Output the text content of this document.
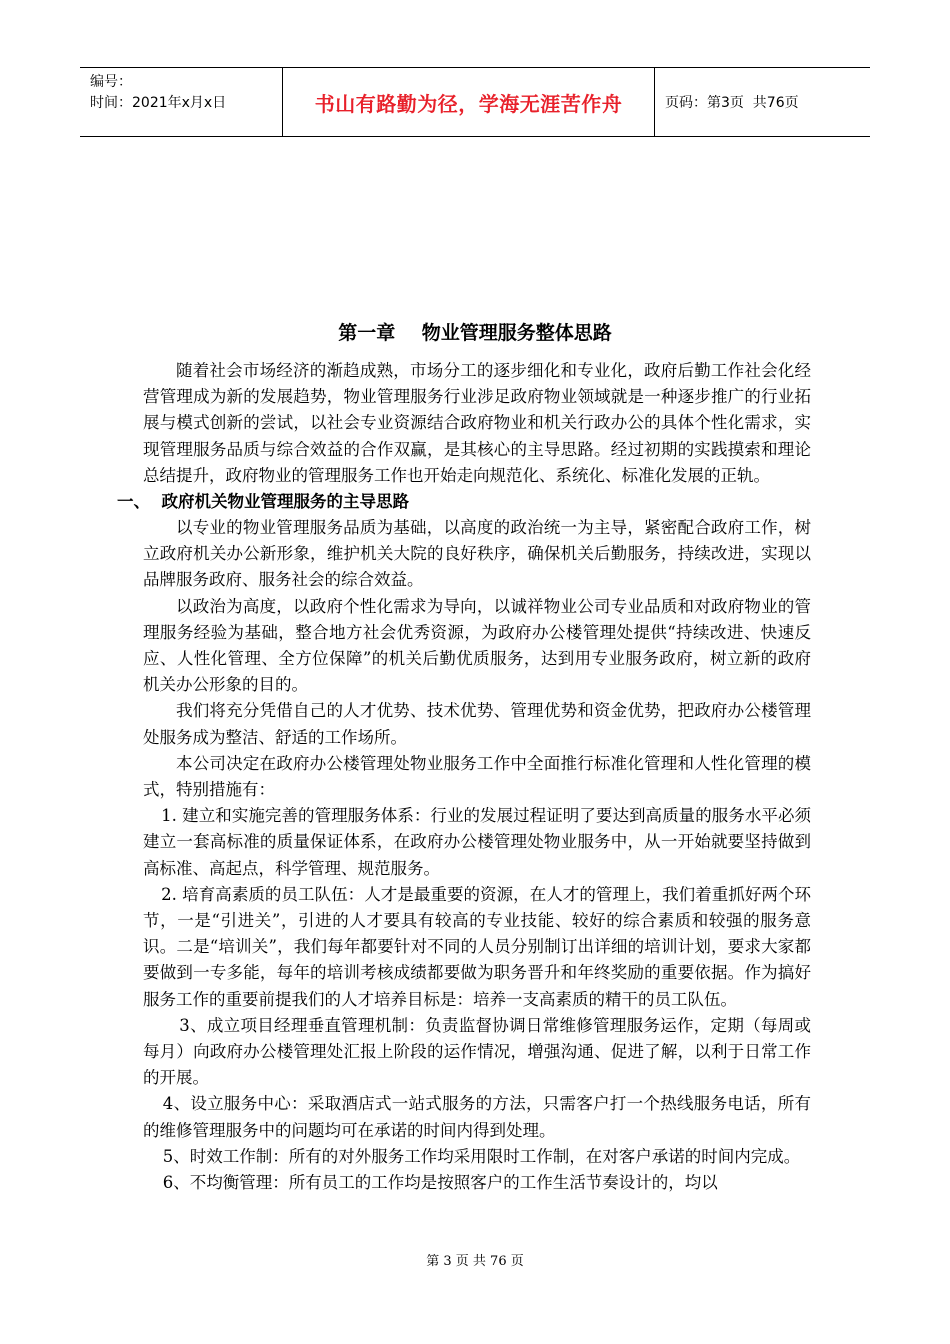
编号：
时间：2021年x月x日	书山有路勤为径，学海无涯苦作舟	页码：第3页  共76页
第一章    物业管理服务整体思路

随着社会市场经济的渐趋成熟，市场分工的逐步细化和专业化，政府后勤工作社会化经营管理成为新的发展趋势，物业管理服务行业涉足政府物业领域就是一种逐步推广的行业拓展与模式创新的尝试，以社会专业资源结合政府物业和机关行政办公的具体个性化需求，实现管理服务品质与综合效益的合作双赢，是其核心的主导思路。经过初期的实践摸索和理论总结提升，政府物业的管理服务工作也开始走向规范化、系统化、标准化发展的正轨。

一、  政府机关物业管理服务的主导思路

以专业的物业管理服务品质为基础，以高度的政治统一为主导，紧密配合政府工作，树立政府机关办公新形象，维护机关大院的良好秩序，确保机关后勤服务，持续改进，实现以品牌服务政府、服务社会的综合效益。

以政治为高度，以政府个性化需求为导向，以诚祥物业公司专业品质和对政府物业的管理服务经验为基础，整合地方社会优秀资源，为政府办公楼管理处提供“持续改进、快速反应、人性化管理、全方位保障”的机关后勤优质服务，达到用专业服务政府，树立新的政府机关办公形象的目的。

我们将充分凭借自己的人才优势、技术优势、管理优势和资金优势，把政府办公楼管理处服务成为整洁、舒适的工作场所。

本公司决定在政府办公楼管理处物业服务工作中全面推行标准化管理和人性化管理的模式，特别措施有：

1. 建立和实施完善的管理服务体系：行业的发展过程证明了要达到高质量的服务水平必须建立一套高标准的质量保证体系，在政府办公楼管理处物业服务中，从一开始就要坚持做到高标准、高起点，科学管理、规范服务。

2. 培育高素质的员工队伍：人才是最重要的资源，在人才的管理上，我们着重抓好两个环节，一是“引进关”，引进的人才要具有较高的专业技能、较好的综合素质和较强的服务意识。二是“培训关”，我们每年都要针对不同的人员分别制订出详细的培训计划，要求大家都要做到一专多能，每年的培训考核成绩都要做为职务晋升和年终奖励的重要依据。作为搞好服务工作的重要前提我们的人才培养目标是：培养一支高素质的精干的员工队伍。

3、成立项目经理垂直管理机制：负责监督协调日常维修管理服务运作，定期（每周或每月）向政府办公楼管理处汇报上阶段的运作情况，增强沟通、促进了解，以利于日常工作的开展。

4、设立服务中心：采取酒店式一站式服务的方法，只需客户打一个热线服务电话，所有的维修管理服务中的问题均可在承诺的时间内得到处理。

5、时效工作制：所有的对外服务工作均采用限时工作制，在对客户承诺的时间内完成。

6、不均衡管理：所有员工的工作均是按照客户的工作生活节奏设计的，均以

第 3 页 共 76 页
